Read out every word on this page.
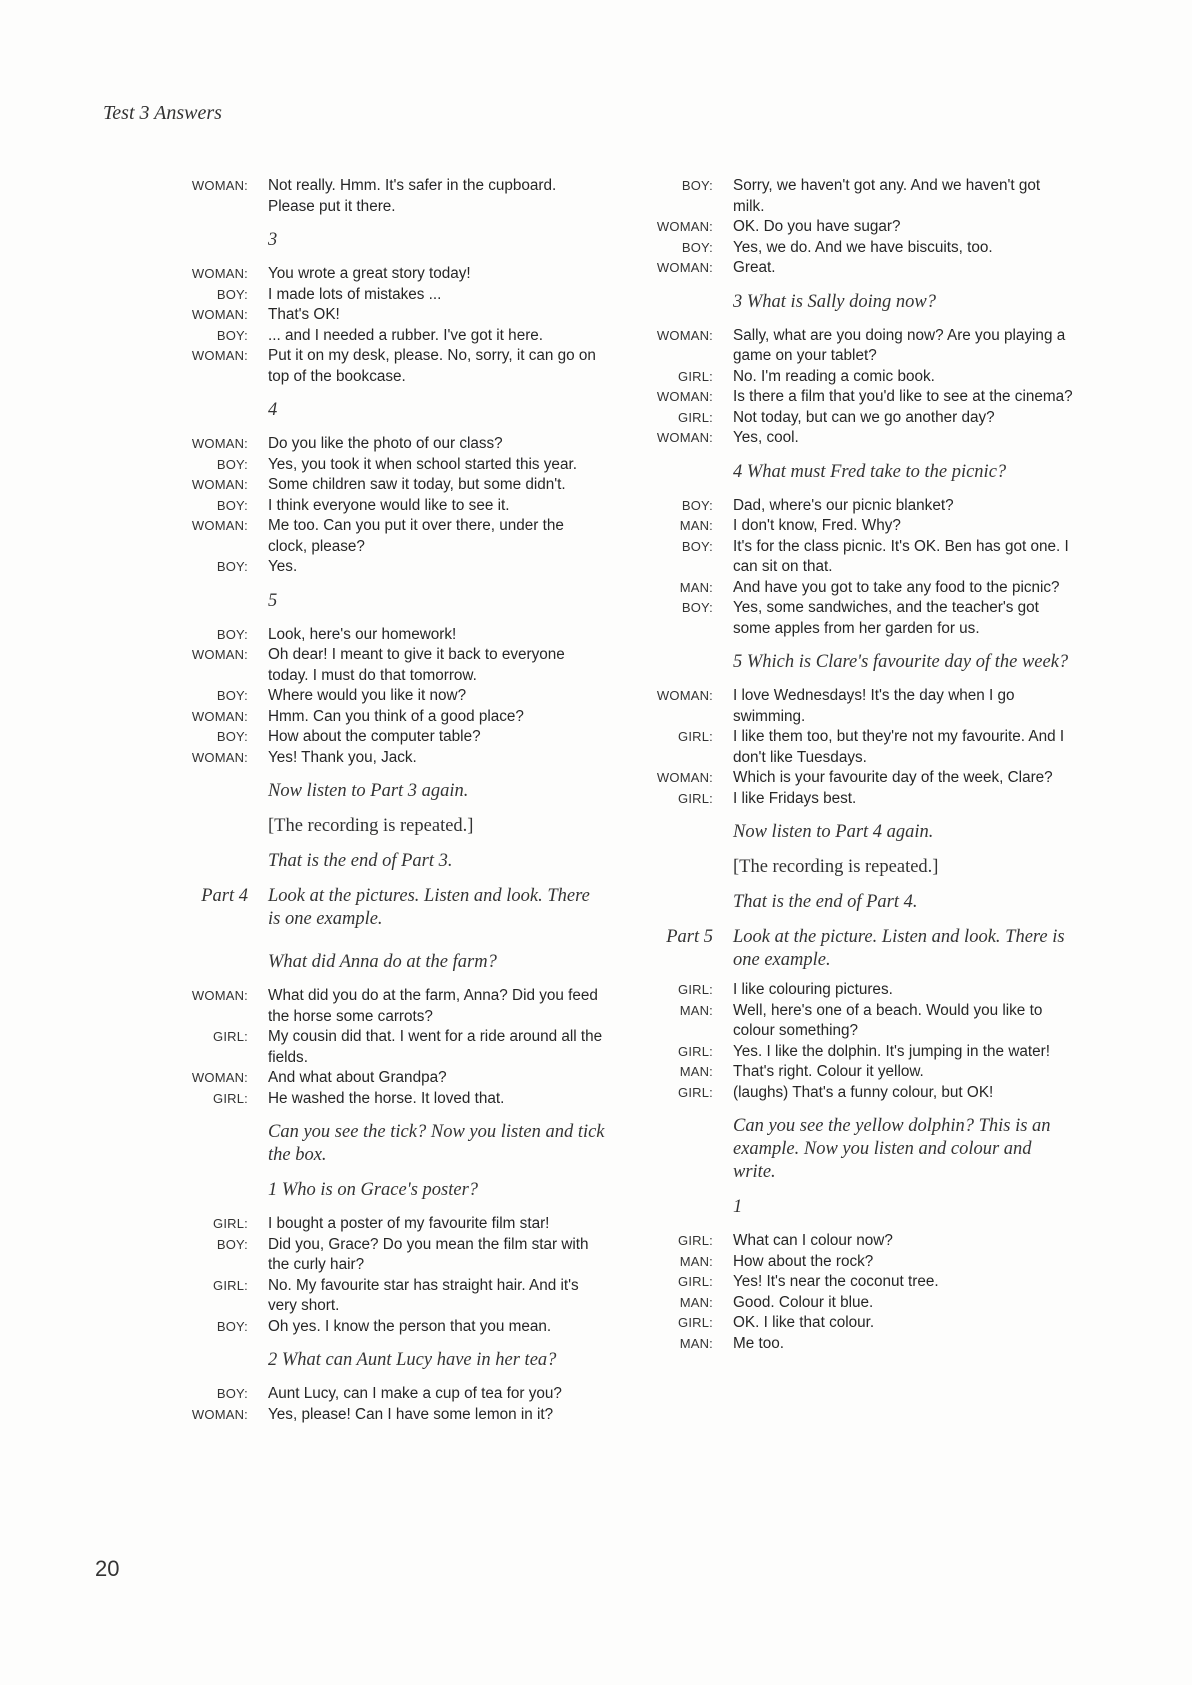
Test 3 Answers
WOMAN: Not really. Hmm. It's safer in the cupboard. Please put it there.
3
WOMAN: You wrote a great story today!
BOY: I made lots of mistakes ...
WOMAN: That's OK!
BOY: ... and I needed a rubber. I've got it here.
WOMAN: Put it on my desk, please. No, sorry, it can go on top of the bookcase.
4
WOMAN: Do you like the photo of our class?
BOY: Yes, you took it when school started this year.
WOMAN: Some children saw it today, but some didn't.
BOY: I think everyone would like to see it.
WOMAN: Me too. Can you put it over there, under the clock, please?
BOY: Yes.
5
BOY: Look, here's our homework!
WOMAN: Oh dear! I meant to give it back to everyone today. I must do that tomorrow.
BOY: Where would you like it now?
WOMAN: Hmm. Can you think of a good place?
BOY: How about the computer table?
WOMAN: Yes! Thank you, Jack.
Now listen to Part 3 again.
[The recording is repeated.]
That is the end of Part 3.
Part 4 Look at the pictures. Listen and look. There is one example.
What did Anna do at the farm?
WOMAN: What did you do at the farm, Anna? Did you feed the horse some carrots?
GIRL: My cousin did that. I went for a ride around all the fields.
WOMAN: And what about Grandpa?
GIRL: He washed the horse. It loved that.
Can you see the tick? Now you listen and tick the box.
1 Who is on Grace's poster?
GIRL: I bought a poster of my favourite film star!
BOY: Did you, Grace? Do you mean the film star with the curly hair?
GIRL: No. My favourite star has straight hair. And it's very short.
BOY: Oh yes. I know the person that you mean.
2 What can Aunt Lucy have in her tea?
BOY: Aunt Lucy, can I make a cup of tea for you?
WOMAN: Yes, please! Can I have some lemon in it?
BOY: Sorry, we haven't got any. And we haven't got milk.
WOMAN: OK. Do you have sugar?
BOY: Yes, we do. And we have biscuits, too.
WOMAN: Great.
3 What is Sally doing now?
WOMAN: Sally, what are you doing now? Are you playing a game on your tablet?
GIRL: No. I'm reading a comic book.
WOMAN: Is there a film that you'd like to see at the cinema?
GIRL: Not today, but can we go another day?
WOMAN: Yes, cool.
4 What must Fred take to the picnic?
BOY: Dad, where's our picnic blanket?
MAN: I don't know, Fred. Why?
BOY: It's for the class picnic. It's OK. Ben has got one. I can sit on that.
MAN: And have you got to take any food to the picnic?
BOY: Yes, some sandwiches, and the teacher's got some apples from her garden for us.
5 Which is Clare's favourite day of the week?
WOMAN: I love Wednesdays! It's the day when I go swimming.
GIRL: I like them too, but they're not my favourite. And I don't like Tuesdays.
WOMAN: Which is your favourite day of the week, Clare?
GIRL: I like Fridays best.
Now listen to Part 4 again.
[The recording is repeated.]
That is the end of Part 4.
Part 5 Look at the picture. Listen and look. There is one example.
GIRL: I like colouring pictures.
MAN: Well, here's one of a beach. Would you like to colour something?
GIRL: Yes. I like the dolphin. It's jumping in the water!
MAN: That's right. Colour it yellow.
GIRL: (laughs) That's a funny colour, but OK!
Can you see the yellow dolphin? This is an example. Now you listen and colour and write.
1
GIRL: What can I colour now?
MAN: How about the rock?
GIRL: Yes! It's near the coconut tree.
MAN: Good. Colour it blue.
GIRL: OK. I like that colour.
MAN: Me too.
20
